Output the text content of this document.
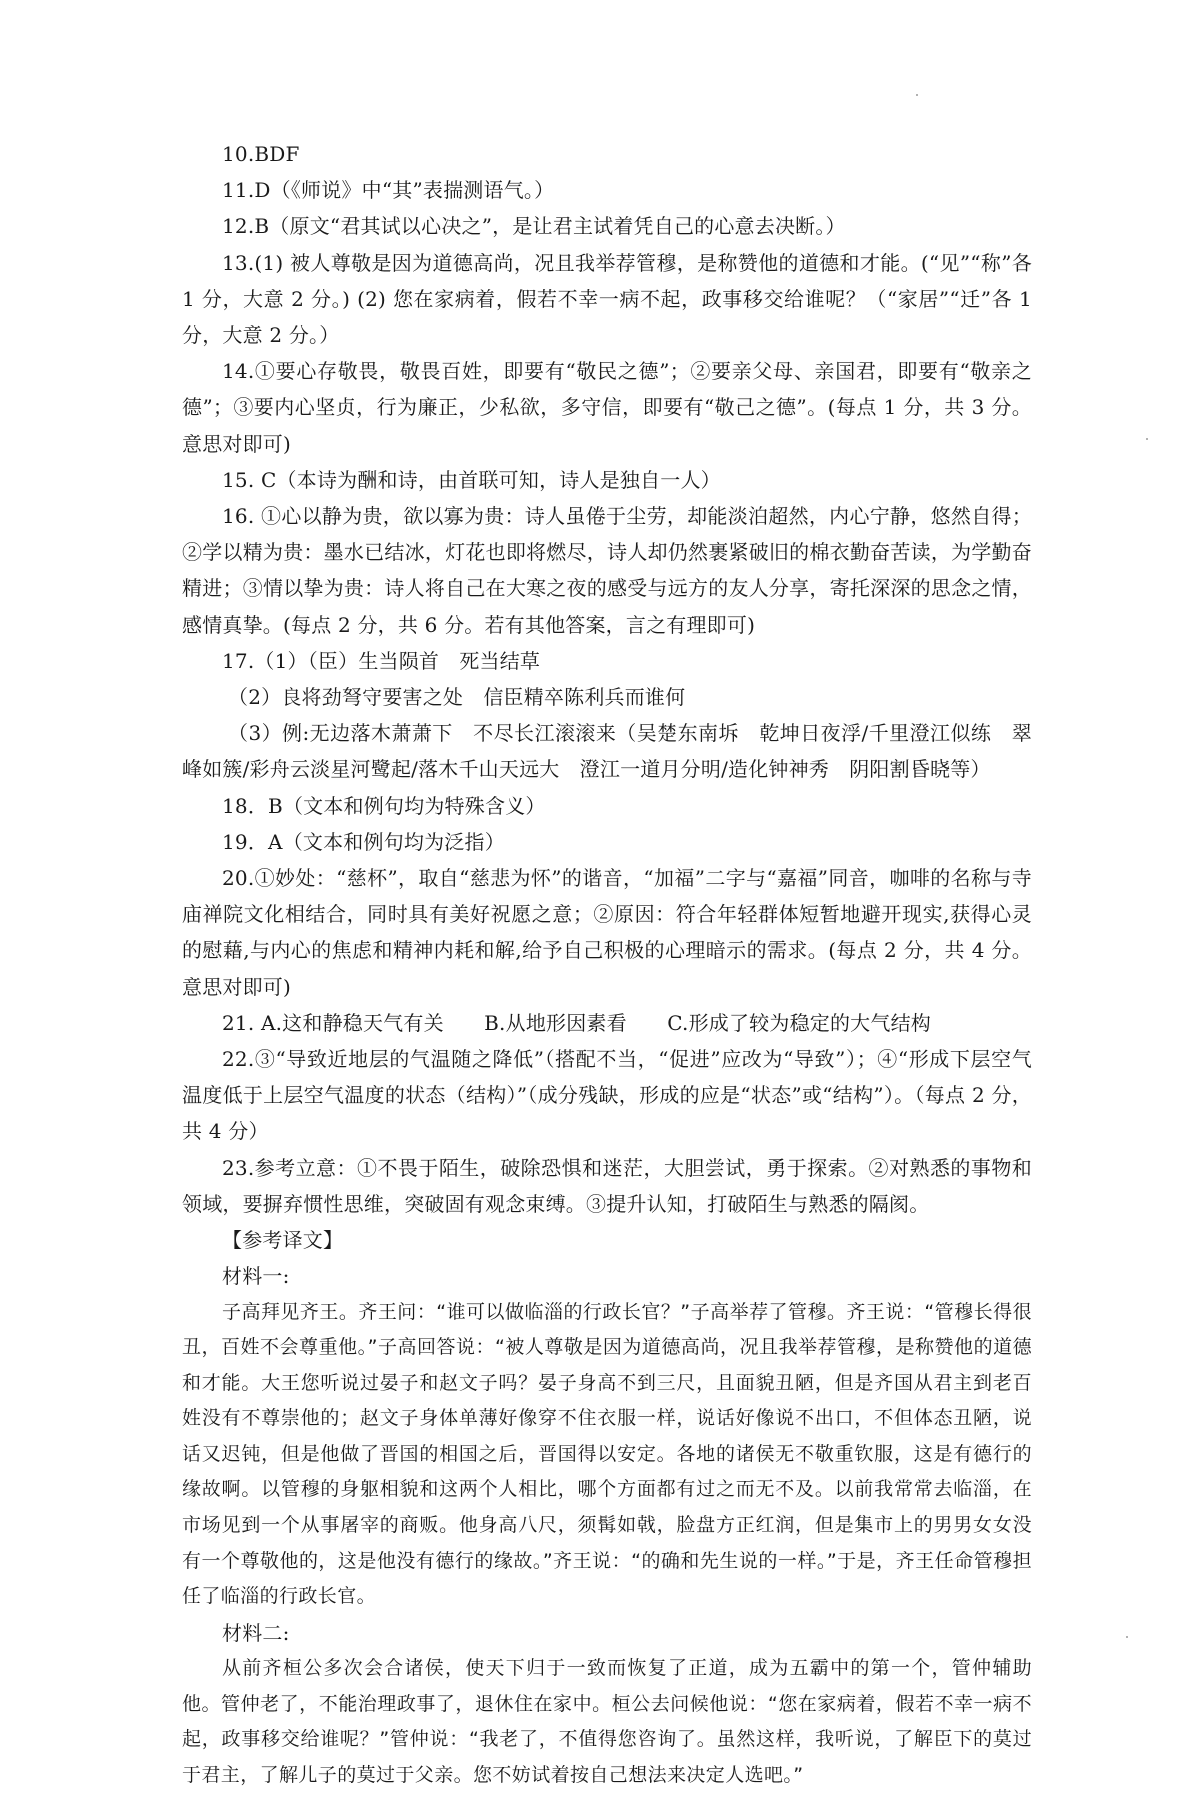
10.BDF

11.D（《师说》中“其”表揣测语气。）

12.B（原文“君其试以心决之”，是让君主试着凭自己的心意去决断。）

13.(1) 被人尊敬是因为道德高尚，况且我举荐管穆，是称赞他的道德和才能。(“见”“称”各 1 分，大意 2 分。) (2) 您在家病着，假若不幸一病不起，政事移交给谁呢？（“家居”“迁”各 1 分，大意 2 分。）

14.①要心存敬畏，敬畏百姓，即要有“敬民之德”；②要亲父母、亲国君，即要有“敬亲之德”；③要内心坚贞，行为廉正，少私欲，多守信，即要有“敬己之德”。(每点 1 分，共 3 分。意思对即可)

15. C（本诗为酬和诗，由首联可知，诗人是独自一人）

16. ①心以静为贵，欲以寡为贵：诗人虽倦于尘劳，却能淡泊超然，内心宁静，悠然自得；②学以精为贵：墨水已结冰，灯花也即将燃尽，诗人却仍然裹紧破旧的棉衣勤奋苦读，为学勤奋精进；③情以挚为贵：诗人将自己在大寒之夜的感受与远方的友人分享，寄托深深的思念之情，感情真挚。(每点 2 分，共 6 分。若有其他答案，言之有理即可)

17.（1）（臣）生当陨首　死当结草

（2）良将劲弩守要害之处　信臣精卒陈利兵而谁何

（3）例:无边落木萧萧下　不尽长江滚滚来（吴楚东南坼　乾坤日夜浮/千里澄江似练　翠峰如簇/彩舟云淡星河鹭起/落木千山天远大　澄江一道月分明/造化钟神秀　阴阳割昏晓等）

18．B（文本和例句均为特殊含义）

19．A（文本和例句均为泛指）

20.①妙处：“慈杯”，取自“慈悲为怀”的谐音，“加福”二字与“嘉福”同音，咖啡的名称与寺庙禅院文化相结合，同时具有美好祝愿之意；②原因：符合年轻群体短暂地避开现实,获得心灵的慰藉,与内心的焦虑和精神内耗和解,给予自己积极的心理暗示的需求。(每点 2 分，共 4 分。意思对即可)

21. A.这和静稳天气有关　　B.从地形因素看　　C.形成了较为稳定的大气结构

22.③“导致近地层的气温随之降低”（搭配不当，“促进”应改为“导致”）；④“形成下层空气温度低于上层空气温度的状态（结构）”（成分残缺，形成的应是“状态”或“结构”）。（每点 2 分，共 4 分）

23.参考立意：①不畏于陌生，破除恐惧和迷茫，大胆尝试，勇于探索。②对熟悉的事物和领域，要摒弃惯性思维，突破固有观念束缚。③提升认知，打破陌生与熟悉的隔阂。

【参考译文】

材料一:

子高拜见齐王。齐王问：“谁可以做临淄的行政长官？”子高举荐了管穆。齐王说：“管穆长得很丑，百姓不会尊重他。”子高回答说：“被人尊敬是因为道德高尚，况且我举荐管穆，是称赞他的道德和才能。大王您听说过晏子和赵文子吗？晏子身高不到三尺，且面貌丑陋，但是齐国从君主到老百姓没有不尊崇他的；赵文子身体单薄好像穿不住衣服一样，说话好像说不出口，不但体态丑陋，说话又迟钝，但是他做了晋国的相国之后，晋国得以安定。各地的诸侯无不敬重钦服，这是有德行的缘故啊。以管穆的身躯相貌和这两个人相比，哪个方面都有过之而无不及。以前我常常去临淄，在市场见到一个从事屠宰的商贩。他身高八尺，须髯如戟，脸盘方正红润，但是集市上的男男女女没有一个尊敬他的，这是他没有德行的缘故。”齐王说：“的确和先生说的一样。”于是，齐王任命管穆担任了临淄的行政长官。

材料二:

从前齐桓公多次会合诸侯，使天下归于一致而恢复了正道，成为五霸中的第一个，管仲辅助他。管仲老了，不能治理政事了，退休住在家中。桓公去问候他说：“您在家病着，假若不幸一病不起，政事移交给谁呢？”管仲说：“我老了，不值得您咨询了。虽然这样，我听说，了解臣下的莫过于君主，了解儿子的莫过于父亲。您不妨试着按自己想法来决定人选吧。”
